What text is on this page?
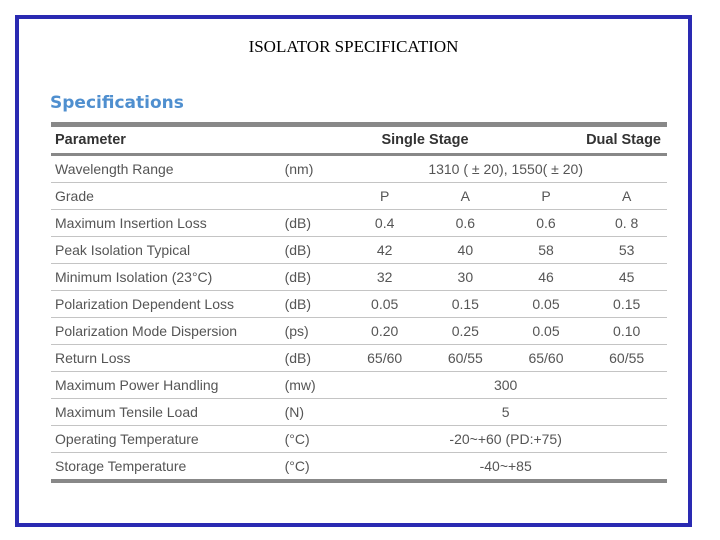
ISOLATOR SPECIFICATION
Specifications
Parameter		Single Stage		Dual Stage	
Wavelength Range	(nm)	1310 ( ± 20), 1550( ± 20)			
Grade		P	A	P	A
Maximum Insertion Loss	(dB)	0.4	0.6	0.6	0. 8
Peak Isolation Typical	(dB)	42	40	58	53
Minimum Isolation (23°C)	(dB)	32	30	46	45
Polarization Dependent Loss	(dB)	0.05	0.15	0.05	0.15
Polarization Mode Dispersion	(ps)	0.20	0.25	0.05	0.10
Return Loss	(dB)	65/60	60/55	65/60	60/55
Maximum Power Handling	(mw)	300			
Maximum Tensile Load	(N)	5			
Operating Temperature	(°C)	-20~+60 (PD:+75)			
Storage Temperature	(°C)	-40~+85			
